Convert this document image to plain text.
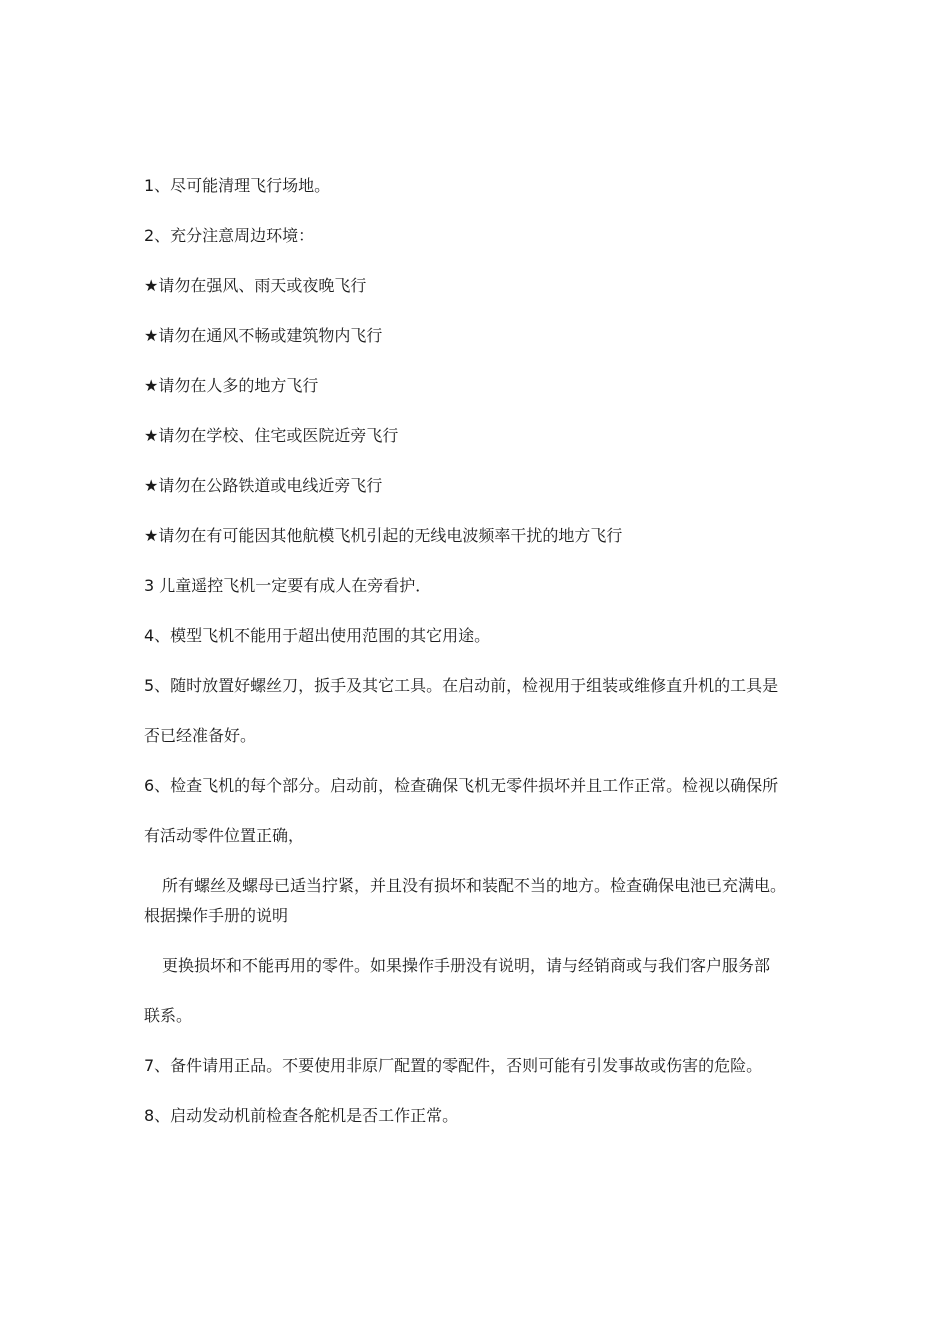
1、尽可能清理飞行场地。
2、充分注意周边环境：
★请勿在强风、雨天或夜晚飞行
★请勿在通风不畅或建筑物内飞行
★请勿在人多的地方飞行
★请勿在学校、住宅或医院近旁飞行
★请勿在公路铁道或电线近旁飞行
★请勿在有可能因其他航模飞机引起的无线电波频率干扰的地方飞行
3 儿童遥控飞机一定要有成人在旁看护．
4、模型飞机不能用于超出使用范围的其它用途。
5、随时放置好螺丝刀，扳手及其它工具。在启动前，检视用于组装或维修直升机的工具是
否已经准备好。
6、检查飞机的每个部分。启动前，检查确保飞机无零件损坏并且工作正常。检视以确保所
有活动零件位置正确，
所有螺丝及螺母已适当拧紧，并且没有损坏和装配不当的地方。检查确保电池已充满电。
根据操作手册的说明
更换损坏和不能再用的零件。如果操作手册没有说明，请与经销商或与我们客户服务部
联系。
7、备件请用正品。不要使用非原厂配置的零配件，否则可能有引发事故或伤害的危险。
8、启动发动机前检查各舵机是否工作正常。
